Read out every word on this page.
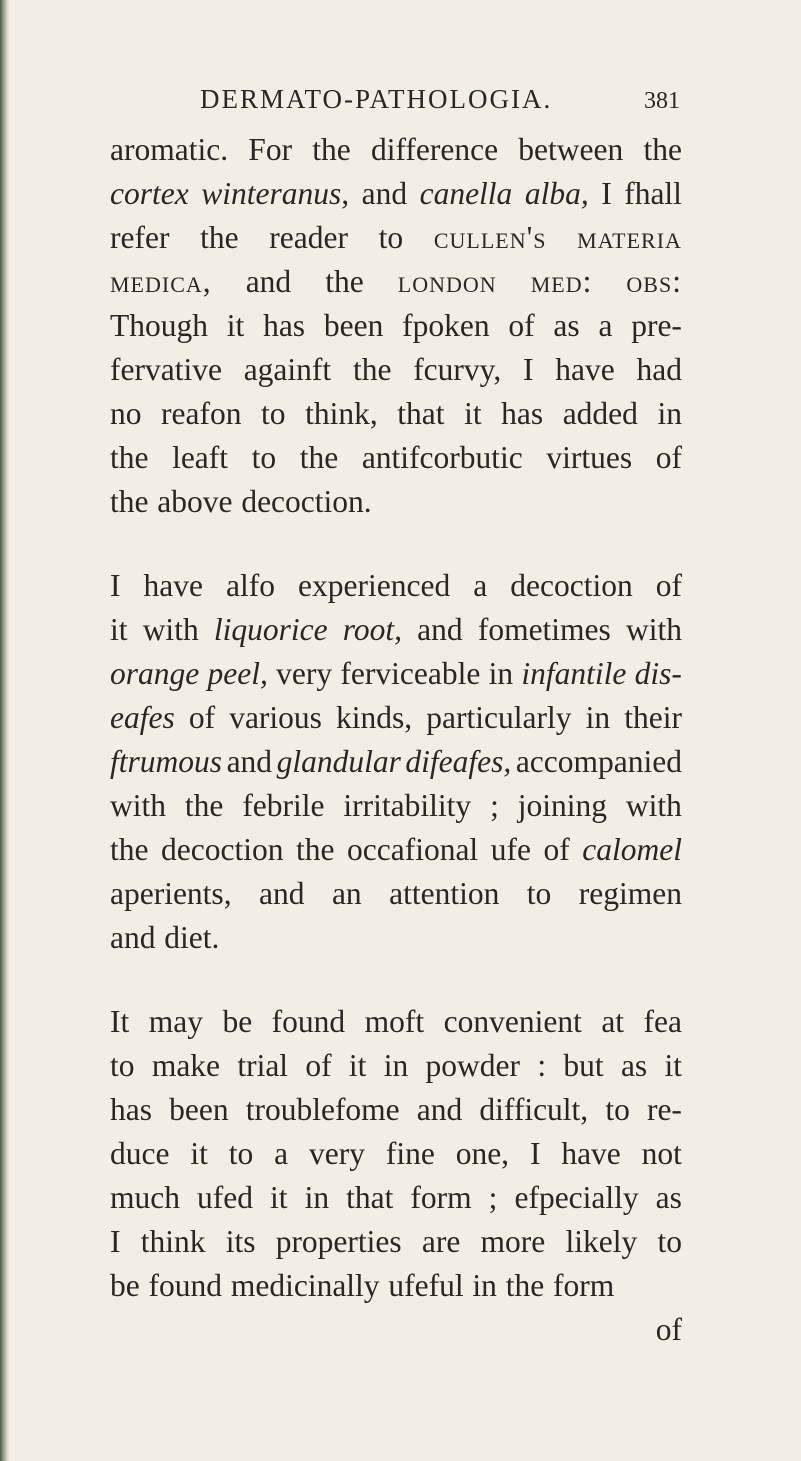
DERMATO-PATHOLOGIA.	381
aromatic. For the difference between the
cortex winteranus, and canella alba, I fhall
refer the reader to cullen's materia
medica, and the london med: obs:
Though it has been fpoken of as a pre-
fervative againft the fcurvy, I have had
no reafon to think, that it has added in
the leaft to the antifcorbutic virtues of
the above decoction.
I have alfo experienced a decoction of
it with liquorice root, and fometimes with
orange peel, very ferviceable in infantile dis-
eafes of various kinds, particularly in their
ftrumous and glandular difeafes, accompanied
with the febrile irritability ; joining with
the decoction the occafional ufe of calomel
aperients, and an attention to regimen
and diet.
It may be found moft convenient at fea
to make trial of it in powder : but as it
has been troublefome and difficult, to re-
duce it to a very fine one, I have not
much ufed it in that form ; efpecially as
I think its properties are more likely to
be found medicinally ufeful in the form
of
